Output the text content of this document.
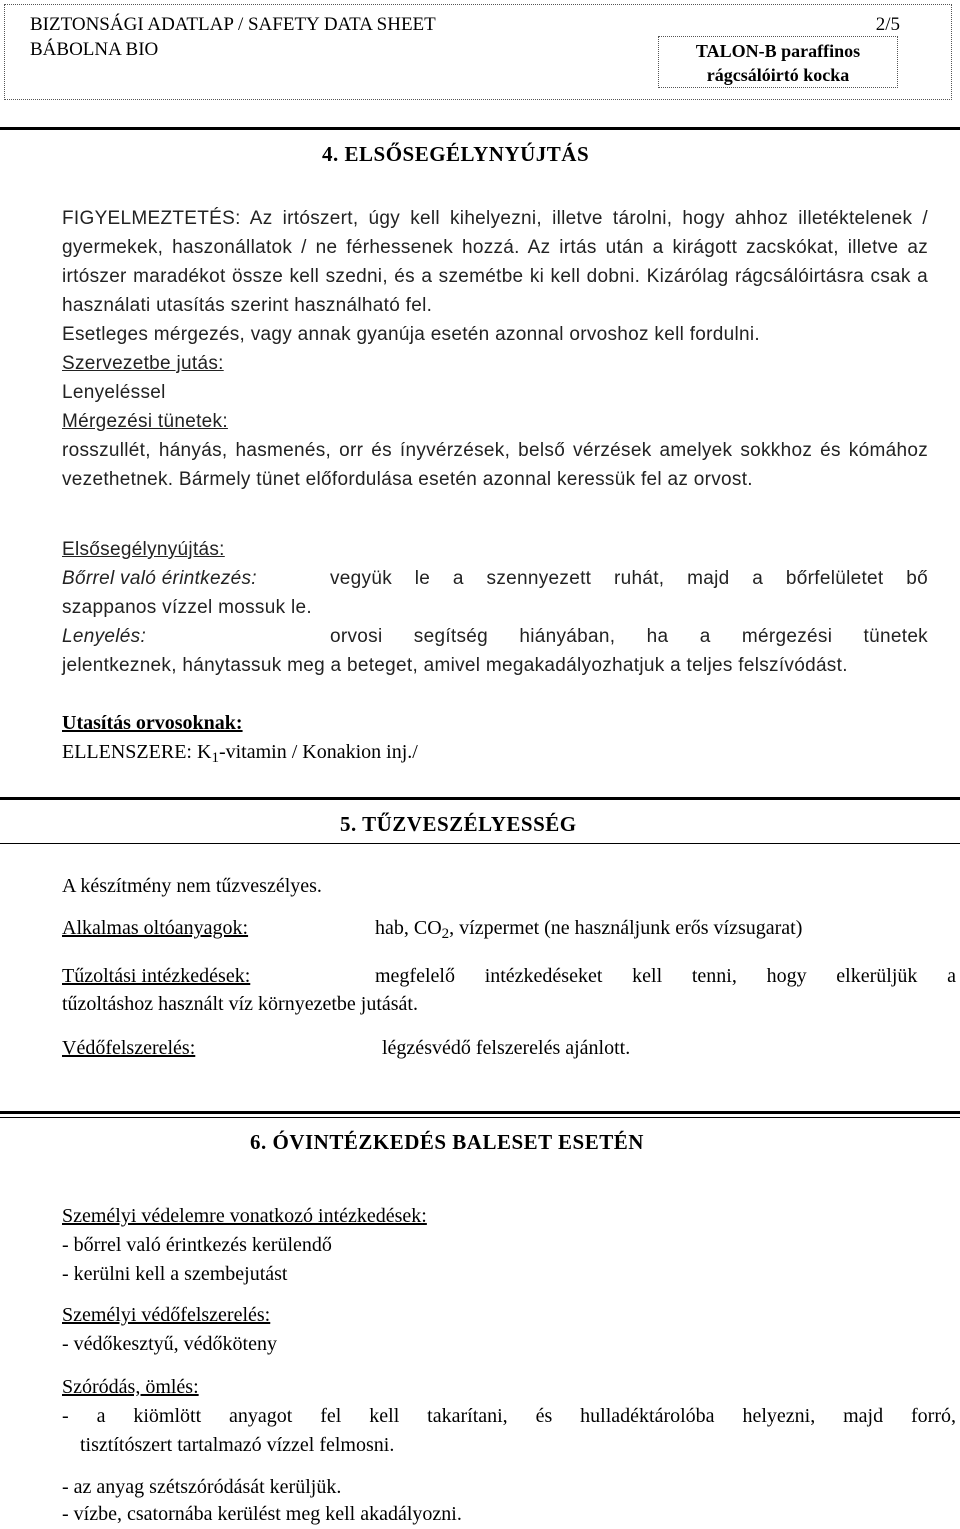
BIZTONSÁGI ADATLAP / SAFETY DATA SHEET
BÁBOLNA BIO
2/5
TALON-B paraffinos
rágcsálóirtó kocka
4. ELSŐSEGÉLYNYÚJTÁS
FIGYELMEZTETÉS: Az irtószert, úgy kell kihelyezni, illetve tárolni, hogy ahhoz illetéktelenek / gyermekek, haszonállatok / ne férhessenek hozzá. Az irtás után a kirágott zacskókat, illetve az irtószer maradékot össze kell szedni, és a szemétbe ki kell dobni. Kizárólag rágcsálóirtásra csak a használati utasítás szerint használható fel.
Esetleges mérgezés, vagy annak gyanúja esetén azonnal orvoshoz kell fordulni.
Szervezetbe jutás:
Lenyeléssel
Mérgezési tünetek:
rosszullét, hányás, hasmenés, orr és ínyvérzések, belső vérzések amelyek sokkhoz és kómához vezethetnek. Bármely tünet előfordulása esetén azonnal keressük fel az orvost.
Elsősegélynyújtás:
Bőrrel való érintkezés:	vegyük le a szennyezett ruhát, majd a bőrfelületet bő
szappanos vízzel mossuk le.
Lenyelés:	orvosi segítség hiányában, ha a mérgezési tünetek
jelentkeznek, hánytassuk meg a beteget, amivel megakadályozhatjuk a teljes felszívódást.
Utasítás orvosoknak:
ELLENSZERE: $K_1$-vitamin / Konakion inj./
5. TŰZVESZÉLYESSÉG
A készítmény nem tűzveszélyes.
Alkalmas oltóanyagok:	hab, $CO_2$, vízpermet (ne használjunk erős vízsugarat)
Tűzoltási intézkedések:	megfelelő intézkedéseket kell tenni, hogy elkerüljük a
tűzoltáshoz használt víz környezetbe jutását.
Védőfelszerelés:	légzésvédő felszerelés ajánlott.
6. ÓVINTÉZKEDÉS BALESET ESETÉN
Személyi védelemre vonatkozó intézkedések:
- bőrrel való érintkezés kerülendő
- kerülni kell a szembejutást
Személyi védőfelszerelés:
- védőkesztyű, védőköteny
Szóródás, ömlés:
- a kiömlött anyagot fel kell takarítani, és hulladéktárolóba helyezni, majd forró,
tisztítószert tartalmazó vízzel felmosni.
- az anyag szétszóródását kerüljük.
- vízbe, csatornába kerülést meg kell akadályozni.
